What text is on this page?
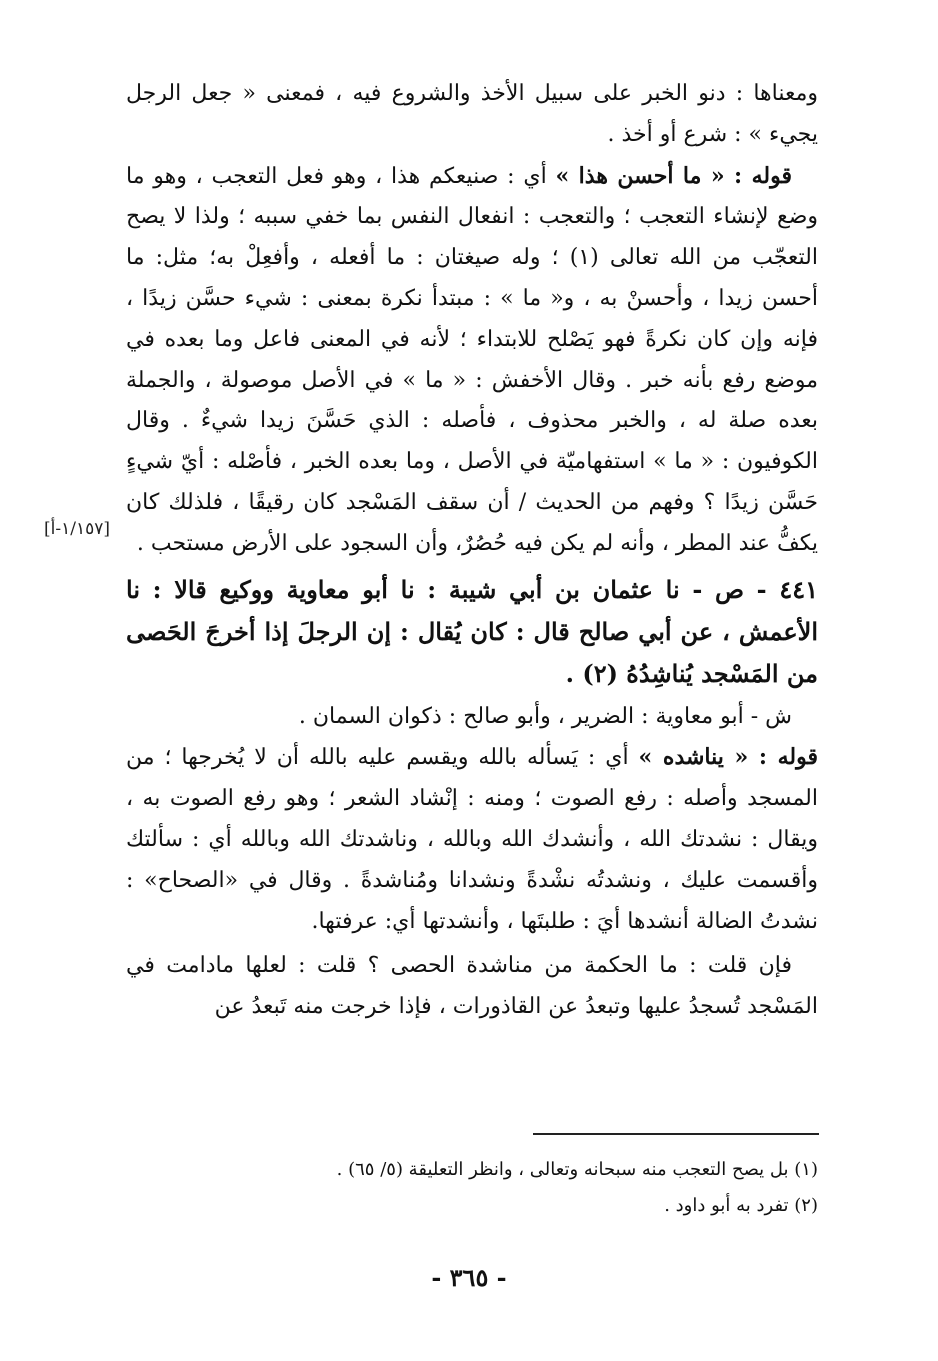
ومعناها : دنو الخبر على سبيل الأخذ والشروع فيه ، فمعنى « جعل الرجل يجيء » : شرع أو أخذ .

قوله : « ما أحسن هذا » أي : صنيعكم هذا ، وهو فعل التعجب ، وهو ما وضع لإنشاء التعجب ؛ والتعجب : انفعال النفس بما خفي سببه ؛ ولذا لا يصح التعجّب من الله تعالى (١) ؛ وله صيغتان : ما أفعله ، وأفعِلْ به؛ مثل: ما أحسن زيدا ، وأحسنْ به ، و« ما » : مبتدأ نكرة بمعنى : شيء حسَّن زيدًا ، فإنه وإن كان نكرةً فهو يَصْلح للابتداء ؛ لأنه في المعنى فاعل وما بعده في موضع رفع بأنه خبر . وقال الأخفش : « ما » في الأصل موصولة ، والجملة بعده صلة له ، والخبر محذوف ، فأصله : الذي حَسَّنَ زيدا شيءٌ . وقال الكوفيون : « ما » استفهاميّة في الأصل ، وما بعده الخبر ، فأصْله : أيّ شيءٍ حَسَّن زيدًا ؟ وفهم من الحديث / أن سقف المَسْجد كان رقيقًا ، فلذلك كان يكفُّ عند المطر ، وأنه لم يكن فيه حُصُرٌ، وأن السجود على الأرض مستحب .

٤٤١ - ص - نا عثمان بن أبي شيبة : نا أبو معاوية ووكيع قالا : نا الأعمش ، عن أبي صالح قال : كان يُقال : إن الرجلَ إذا أخرجَ الحَصى من المَسْجد يُناشِدُهُ (٢) .

ش - أبو معاوية : الضرير ، وأبو صالح : ذكوان السمان .

قوله : « يناشده » أي : يَسأله بالله ويقسم عليه بالله أن لا يُخرجها ؛ من المسجد وأصله : رفع الصوت ؛ ومنه : إنْشاد الشعر ؛ وهو رفع الصوت به ، ويقال : نشدتك الله ، وأنشدك الله وبالله ، وناشدتك الله وبالله أي : سألتك وأقسمت عليك ، ونشدتُه نشْدةً ونشدانا ومُناشدةً . وقال في «الصحاح» : نشدتُ الضالة أنشدها أيَ : طلبتَها ، وأنشدتها أي: عرفتها.

فإن قلت : ما الحكمة من مناشدة الحصى ؟ قلت : لعلها مادامت في المَسْجد تُسجدُ عليها وتبعدُ عن القاذورات ، فإذا خرجت منه تَبعدُ عن

[١/١٥٧-أ]

(١) بل يصح التعجب منه سبحانه وتعالى ، وانظر التعليقة (٥/ ٦٥) .

(٢) تفرد به أبو داود .

- ٣٦٥ -
